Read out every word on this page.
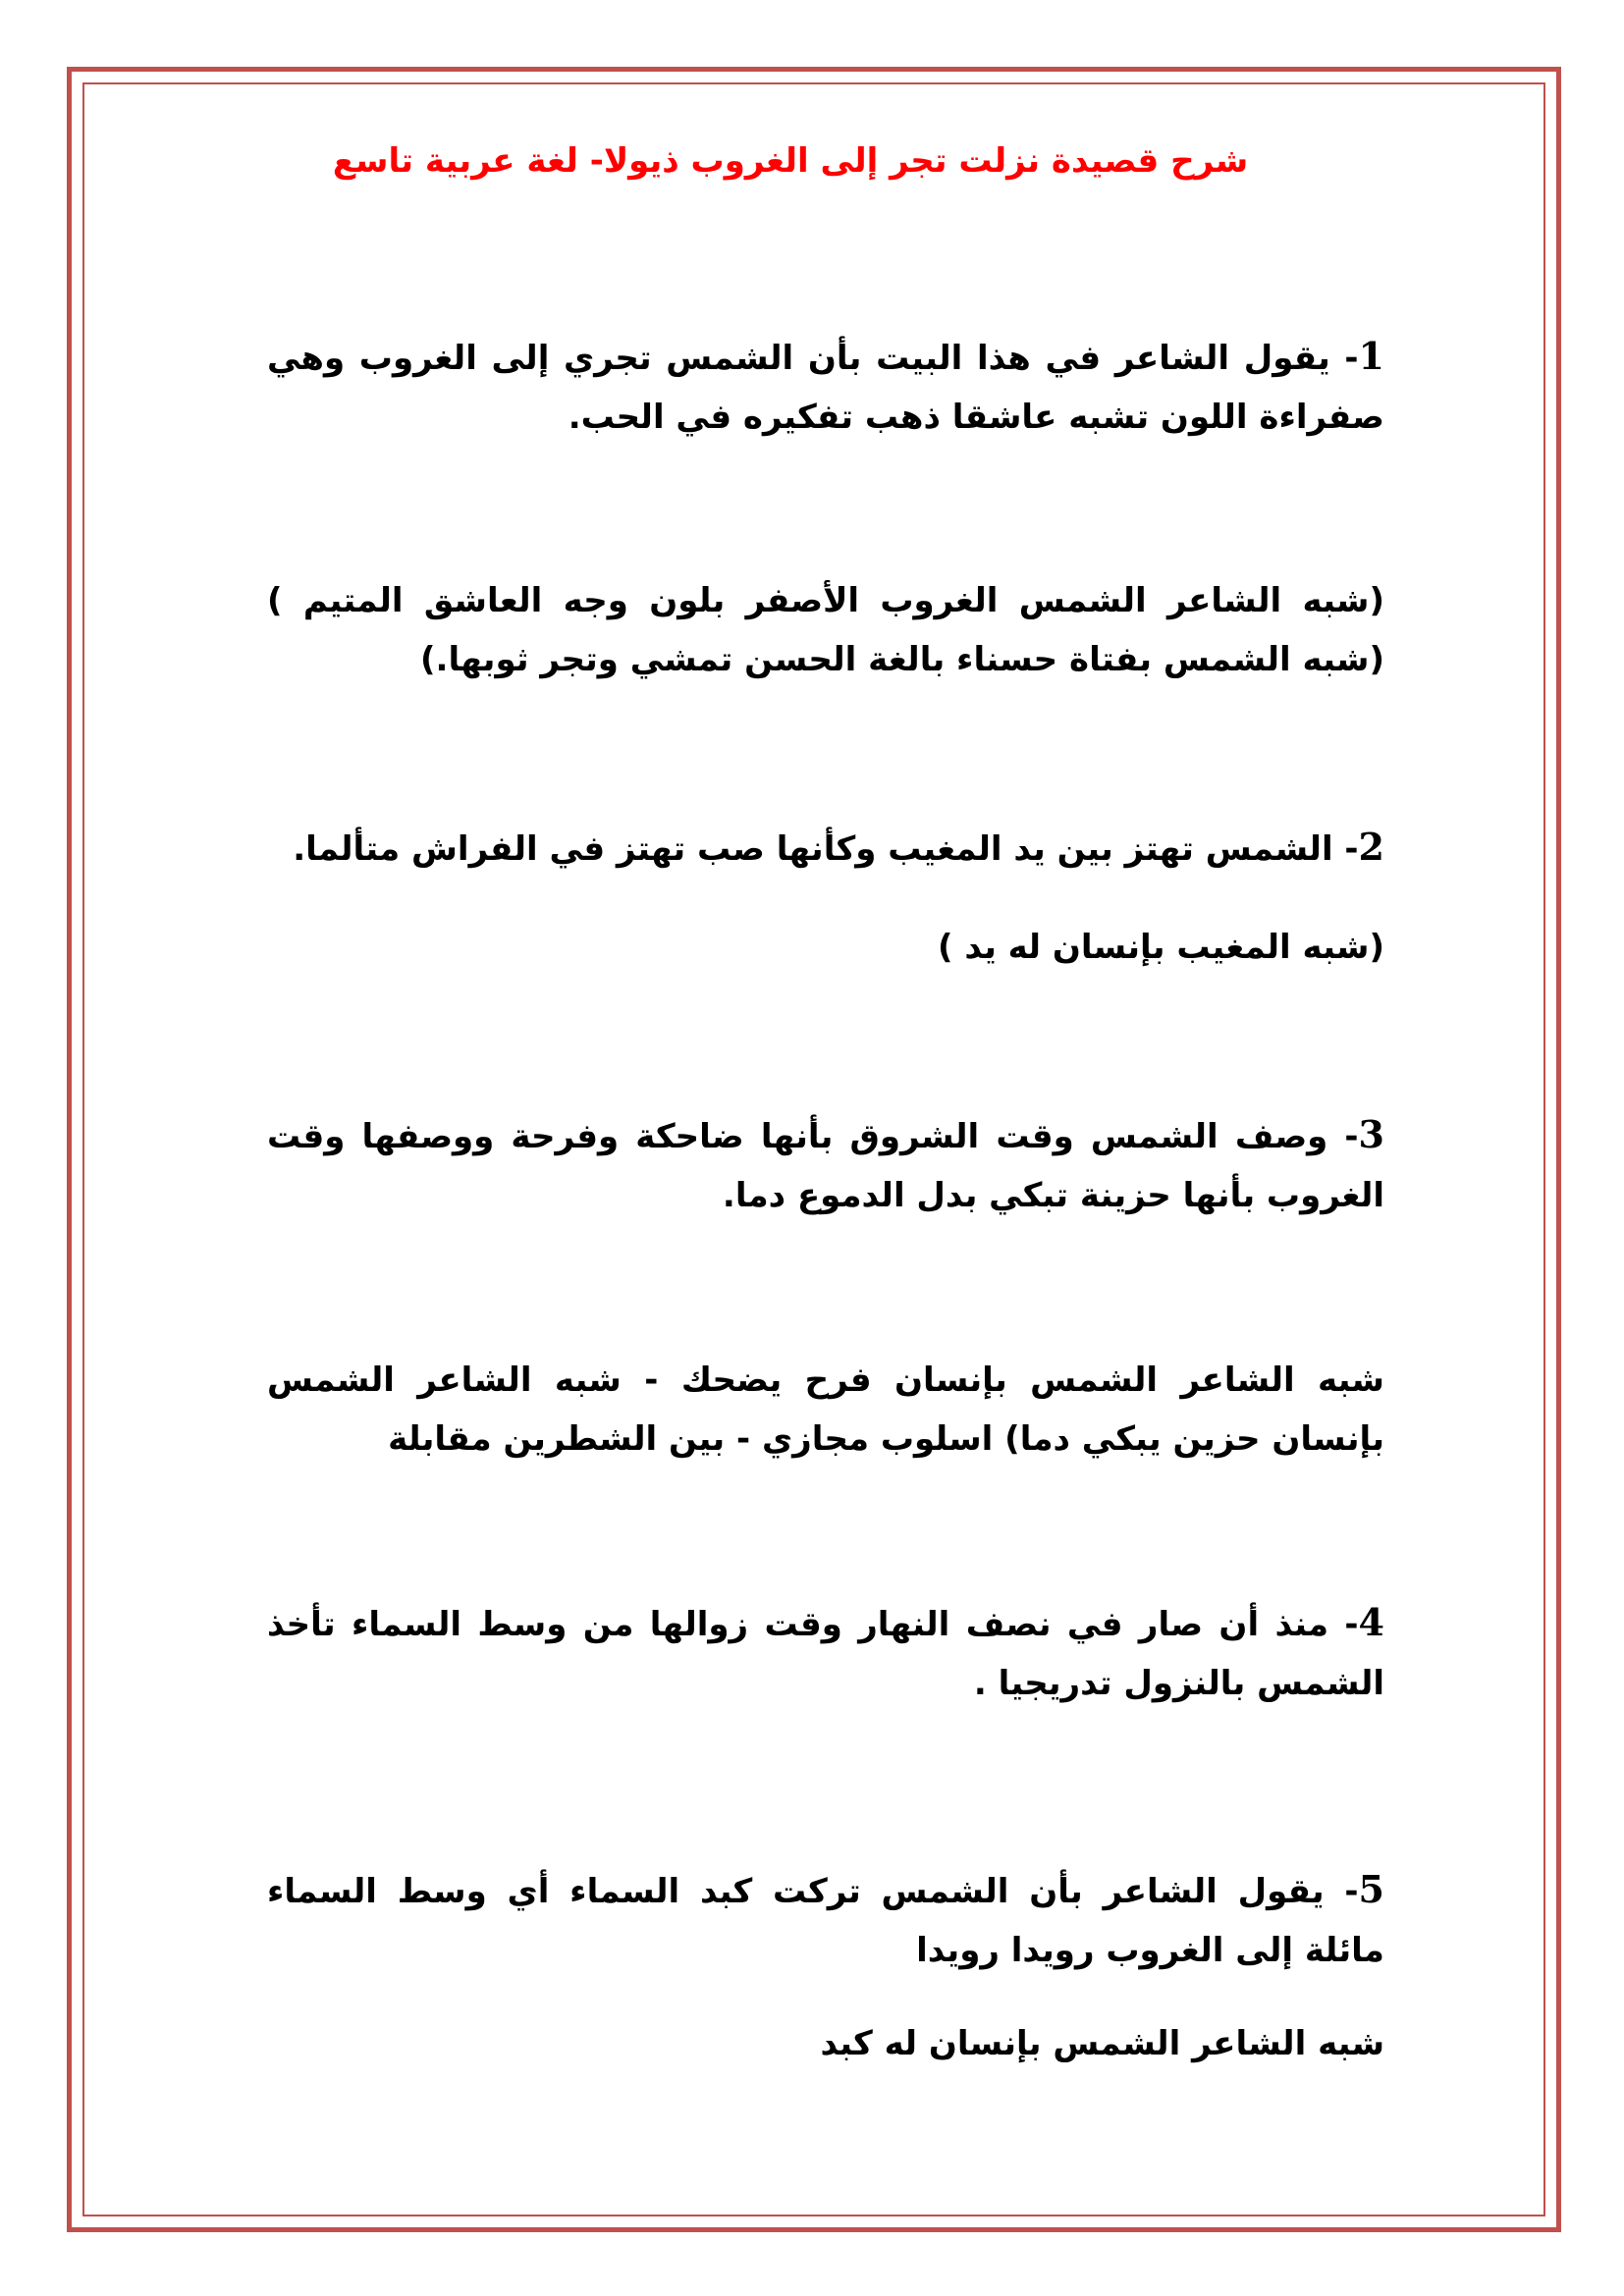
شرح قصيدة نزلت تجر إلى الغروب ذيولا- لغة عربية تاسع
1- يقول الشاعر في هذا البيت بأن الشمس تجري إلى الغروب وهي صفراءة اللون تشبه عاشقا ذهب تفكيره في الحب.
(شبه الشاعر الشمس الغروب الأصفر بلون وجه العاشق المتيم ) (شبه الشمس بفتاة حسناء بالغة الحسن تمشي وتجر ثوبها.)
2- الشمس تهتز بين يد المغيب وكأنها صب تهتز في الفراش متألما.
(شبه المغيب بإنسان له يد )
3- وصف الشمس وقت الشروق بأنها ضاحكة وفرحة ووصفها وقت الغروب بأنها حزينة تبكي بدل الدموع دما.
شبه الشاعر الشمس بإنسان فرح يضحك - شبه الشاعر الشمس بإنسان حزين يبكي دما) اسلوب مجازي - بين الشطرين مقابلة
4- منذ أن صار في نصف النهار وقت زوالها من وسط السماء تأخذ الشمس بالنزول تدريجيا .
5- يقول الشاعر بأن الشمس تركت كبد السماء أي وسط السماء مائلة إلى الغروب رويدا رويدا
شبه الشاعر الشمس بإنسان له كبد
